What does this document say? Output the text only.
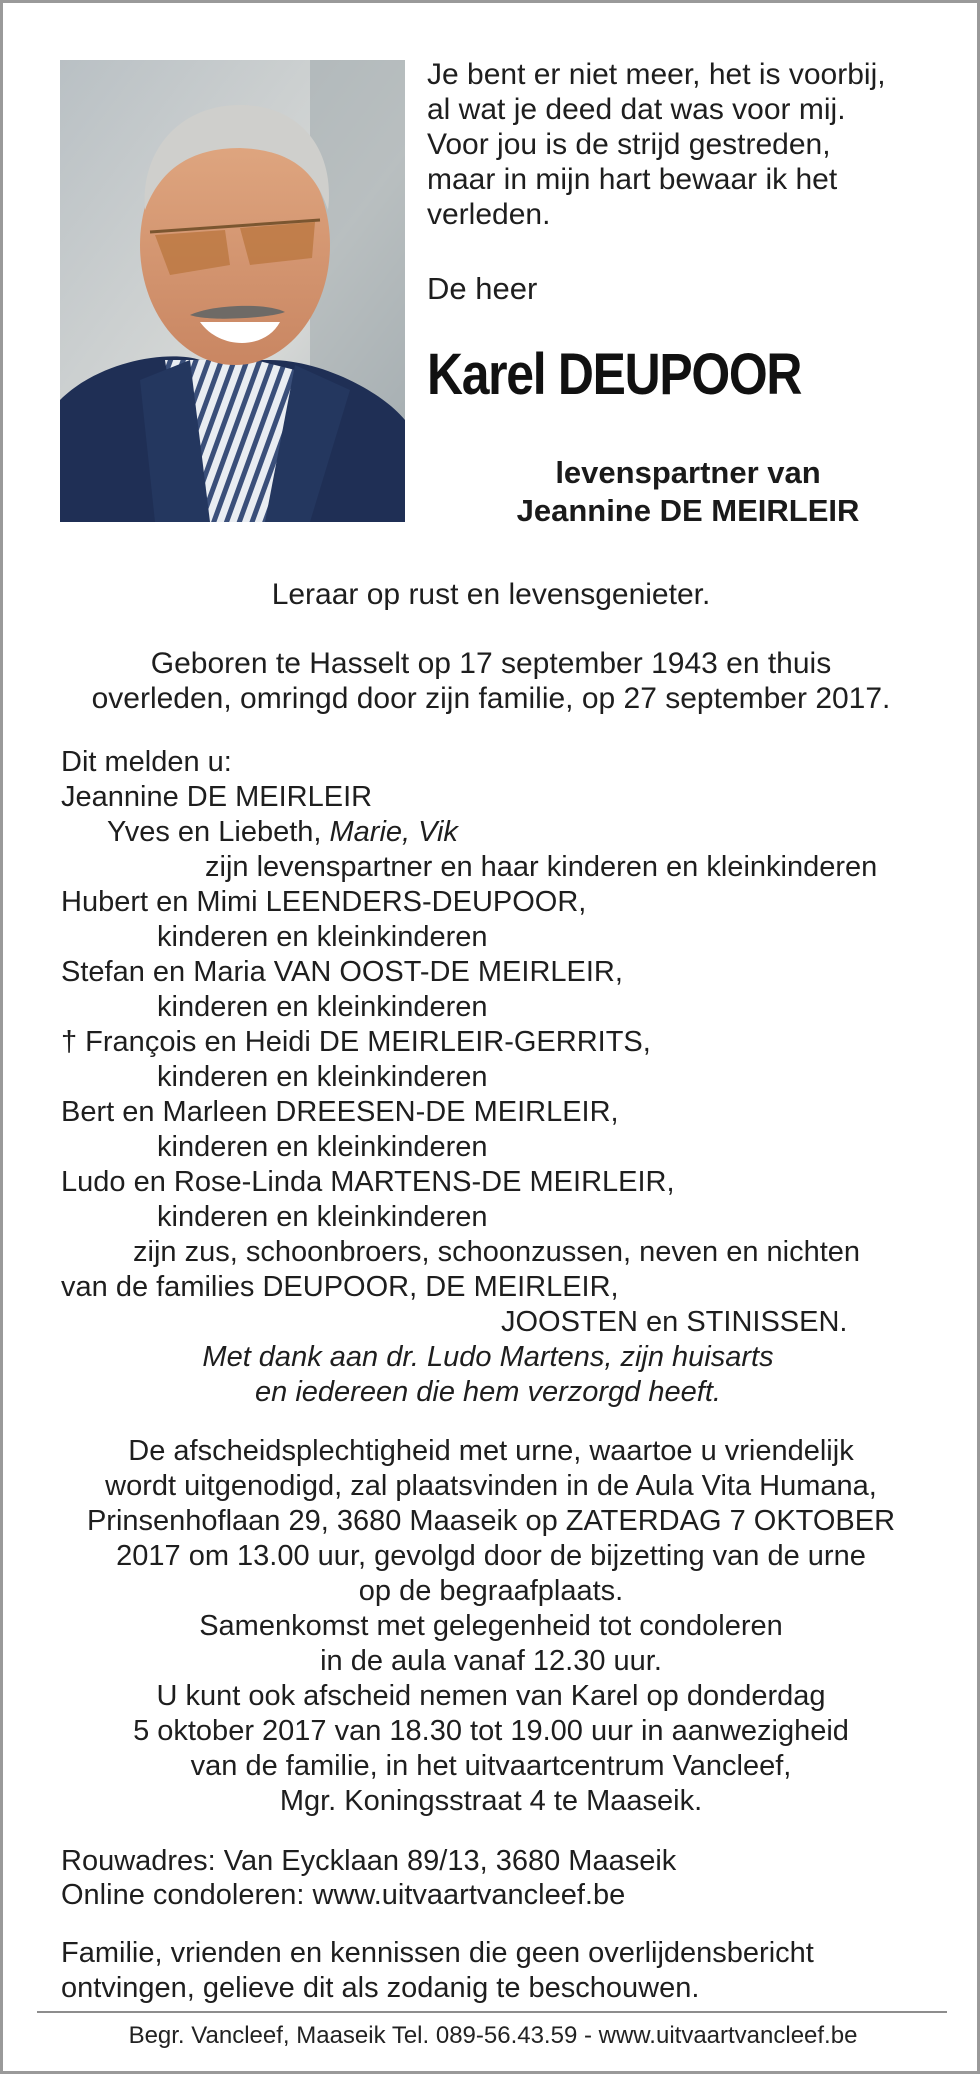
Je bent er niet meer, het is voorbij,
al wat je deed dat was voor mij.
Voor jou is de strijd gestreden,
maar in mijn hart bewaar ik het
verleden.
De heer
Karel DEUPOOR
levenspartner van
Jeannine DE MEIRLEIR
Leraar op rust en levensgenieter.
Geboren te Hasselt op 17 september 1943 en thuis
overleden, omringd door zijn familie, op 27 september 2017.
Dit melden u:
Jeannine DE MEIRLEIR
Yves en Liebeth, Marie, Vik
zijn levenspartner en haar kinderen en kleinkinderen
Hubert en Mimi LEENDERS-DEUPOOR,
kinderen en kleinkinderen
Stefan en Maria VAN OOST-DE MEIRLEIR,
kinderen en kleinkinderen
† François en Heidi DE MEIRLEIR-GERRITS,
kinderen en kleinkinderen
Bert en Marleen DREESEN-DE MEIRLEIR,
kinderen en kleinkinderen
Ludo en Rose-Linda MARTENS-DE MEIRLEIR,
kinderen en kleinkinderen
zijn zus, schoonbroers, schoonzussen, neven en nichten
van de families DEUPOOR, DE MEIRLEIR,
JOOSTEN en STINISSEN.
Met dank aan dr. Ludo Martens, zijn huisarts
en iedereen die hem verzorgd heeft.
De afscheidsplechtigheid met urne, waartoe u vriendelijk
wordt uitgenodigd, zal plaatsvinden in de Aula Vita Humana,
Prinsenhoflaan 29, 3680 Maaseik op ZATERDAG 7 OKTOBER
2017 om 13.00 uur, gevolgd door de bijzetting van de urne
op de begraafplaats.
Samenkomst met gelegenheid tot condoleren
in de aula vanaf 12.30 uur.
U kunt ook afscheid nemen van Karel op donderdag
5 oktober 2017 van 18.30 tot 19.00 uur in aanwezigheid
van de familie, in het uitvaartcentrum Vancleef,
Mgr. Koningsstraat 4 te Maaseik.
Rouwadres: Van Eycklaan 89/13, 3680 Maaseik
Online condoleren: www.uitvaartvancleef.be
Familie, vrienden en kennissen die geen overlijdensbericht
ontvingen, gelieve dit als zodanig te beschouwen.
Begr. Vancleef, Maaseik Tel. 089-56.43.59 - www.uitvaartvancleef.be
